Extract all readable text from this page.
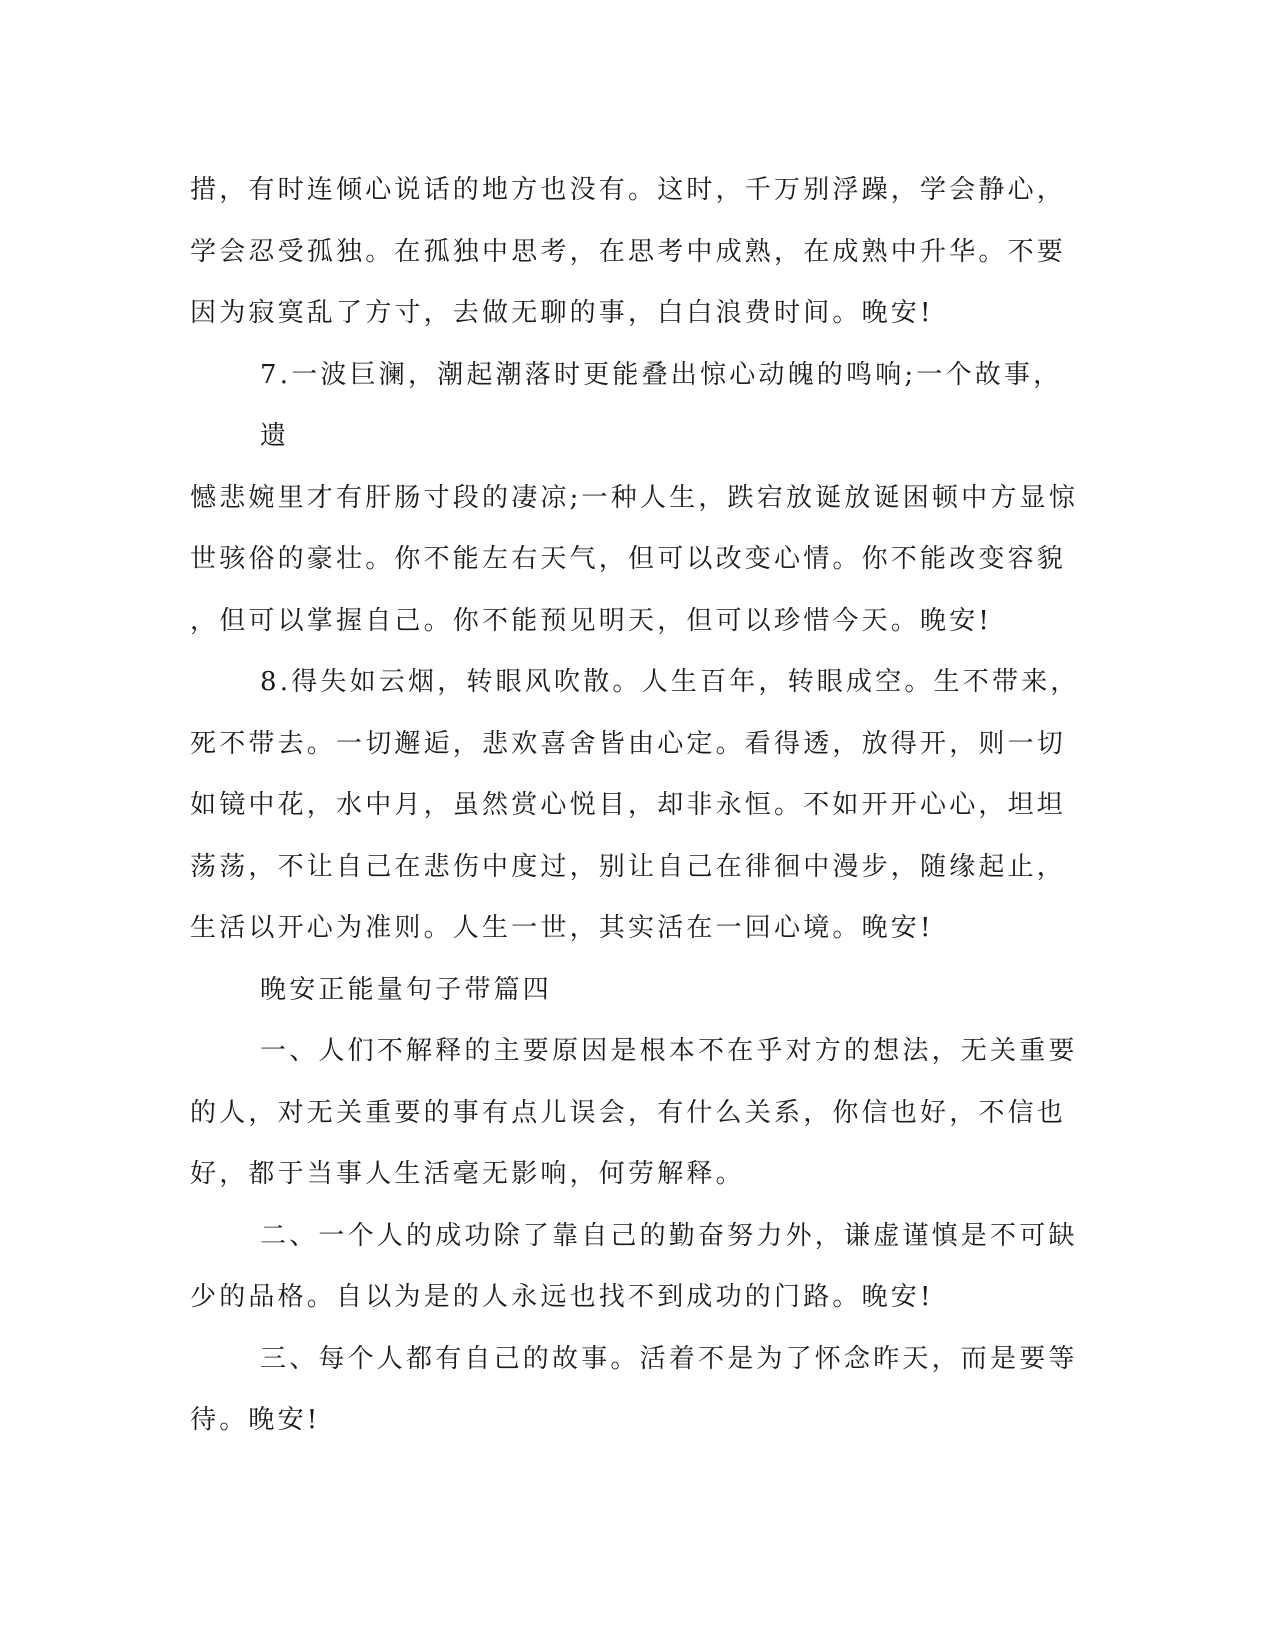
措，有时连倾心说话的地方也没有。这时，千万别浮躁，学会静心，
学会忍受孤独。在孤独中思考，在思考中成熟，在成熟中升华。不要
因为寂寞乱了方寸，去做无聊的事，白白浪费时间。晚安!

7.一波巨澜，潮起潮落时更能叠出惊心动魄的鸣响;一个故事，遗
憾悲婉里才有肝肠寸段的凄凉;一种人生，跌宕放诞放诞困顿中方显惊
世骇俗的豪壮。你不能左右天气，但可以改变心情。你不能改变容貌
，但可以掌握自己。你不能预见明天，但可以珍惜今天。晚安!

8.得失如云烟，转眼风吹散。人生百年，转眼成空。生不带来，
死不带去。一切邂逅，悲欢喜舍皆由心定。看得透，放得开，则一切
如镜中花，水中月，虽然赏心悦目，却非永恒。不如开开心心，坦坦
荡荡，不让自己在悲伤中度过，别让自己在徘徊中漫步，随缘起止，
生活以开心为准则。人生一世，其实活在一回心境。晚安!

晚安正能量句子带篇四

一、人们不解释的主要原因是根本不在乎对方的想法，无关重要
的人，对无关重要的事有点儿误会，有什么关系，你信也好，不信也
好，都于当事人生活毫无影响，何劳解释。

二、一个人的成功除了靠自己的勤奋努力外，谦虚谨慎是不可缺
少的品格。自以为是的人永远也找不到成功的门路。晚安!

三、每个人都有自己的故事。活着不是为了怀念昨天，而是要等
待。晚安!
